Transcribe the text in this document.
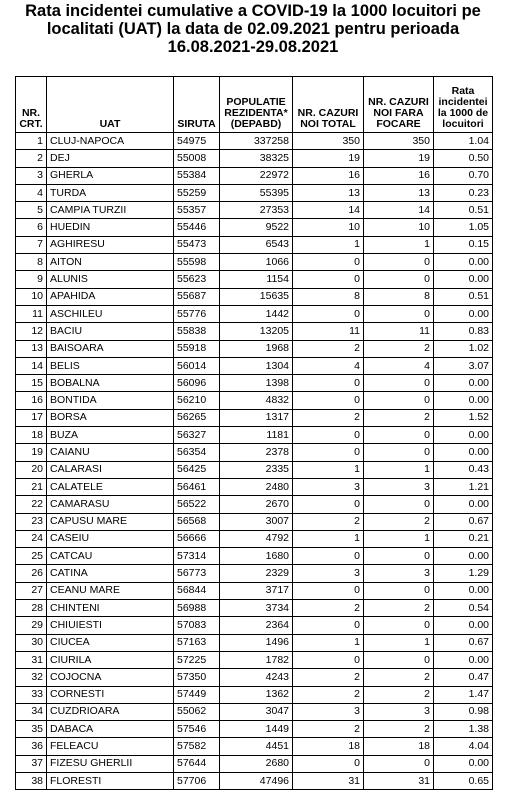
Rata incidentei cumulative a COVID-19 la 1000 locuitori pe
localitati (UAT) la data de 02.09.2021 pentru perioada
16.08.2021-29.08.2021
NR. CRT.	UAT	SIRUTA	POPULATIE REZIDENTA* (DEPABD)	NR. CAZURI NOI TOTAL	NR. CAZURI NOI FARA FOCARE	Rata incidentei la 1000 de locuitori
1	CLUJ-NAPOCA	54975	337258	350	350	1.04
2	DEJ	55008	38325	19	19	0.50
3	GHERLA	55384	22972	16	16	0.70
4	TURDA	55259	55395	13	13	0.23
5	CAMPIA TURZII	55357	27353	14	14	0.51
6	HUEDIN	55446	9522	10	10	1.05
7	AGHIRESU	55473	6543	1	1	0.15
8	AITON	55598	1066	0	0	0.00
9	ALUNIS	55623	1154	0	0	0.00
10	APAHIDA	55687	15635	8	8	0.51
11	ASCHILEU	55776	1442	0	0	0.00
12	BACIU	55838	13205	11	11	0.83
13	BAISOARA	55918	1968	2	2	1.02
14	BELIS	56014	1304	4	4	3.07
15	BOBALNA	56096	1398	0	0	0.00
16	BONTIDA	56210	4832	0	0	0.00
17	BORSA	56265	1317	2	2	1.52
18	BUZA	56327	1181	0	0	0.00
19	CAIANU	56354	2378	0	0	0.00
20	CALARASI	56425	2335	1	1	0.43
21	CALATELE	56461	2480	3	3	1.21
22	CAMARASU	56522	2670	0	0	0.00
23	CAPUSU MARE	56568	3007	2	2	0.67
24	CASEIU	56666	4792	1	1	0.21
25	CATCAU	57314	1680	0	0	0.00
26	CATINA	56773	2329	3	3	1.29
27	CEANU MARE	56844	3717	0	0	0.00
28	CHINTENI	56988	3734	2	2	0.54
29	CHIUIESTI	57083	2364	0	0	0.00
30	CIUCEA	57163	1496	1	1	0.67
31	CIURILA	57225	1782	0	0	0.00
32	COJOCNA	57350	4243	2	2	0.47
33	CORNESTI	57449	1362	2	2	1.47
34	CUZDRIOARA	55062	3047	3	3	0.98
35	DABACA	57546	1449	2	2	1.38
36	FELEACU	57582	4451	18	18	4.04
37	FIZESU GHERLII	57644	2680	0	0	0.00
38	FLORESTI	57706	47496	31	31	0.65
